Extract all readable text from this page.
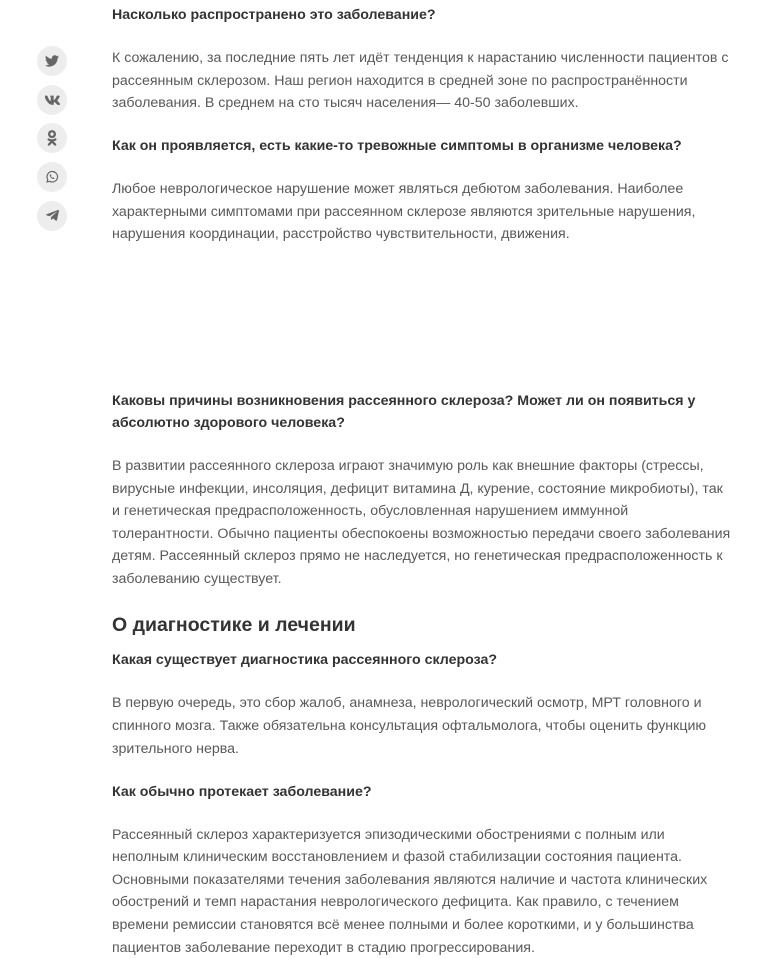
Насколько распространено это заболевание?

К сожалению, за последние пять лет идёт тенденция к нарастанию численности пациентов с рассеянным склерозом. Наш регион находится в средней зоне по распространённости заболевания. В среднем на сто тысяч населения— 40-50 заболевших.

Как он проявляется, есть какие-то тревожные симптомы в организме человека?

Любое неврологическое нарушение может являться дебютом заболевания. Наиболее характерными симптомами при рассеянном склерозе являются зрительные нарушения, нарушения координации, расстройство чувствительности, движения.

Каковы причины возникновения рассеянного склероза? Может ли он появиться у абсолютно здорового человека?

В развитии рассеянного склероза играют значимую роль как внешние факторы (стрессы, вирусные инфекции, инсоляция, дефицит витамина Д, курение, состояние микробиоты), так и генетическая предрасположенность, обусловленная нарушением иммунной толерантности. Обычно пациенты обеспокоены возможностью передачи своего заболевания детям. Рассеянный склероз прямо не наследуется, но генетическая предрасположенность к заболеванию существует.

О диагностике и лечении

Какая существует диагностика рассеянного склероза?

В первую очередь, это сбор жалоб, анамнеза, неврологический осмотр, МРТ головного и спинного мозга. Также обязательна консультация офтальмолога, чтобы оценить функцию зрительного нерва.

Как обычно протекает заболевание?

Рассеянный склероз характеризуется эпизодическими обострениями с полным или неполным клиническим восстановлением и фазой стабилизации состояния пациента. Основными показателями течения заболевания являются наличие и частота клинических обострений и темп нарастания неврологического дефицита. Как правило, с течением времени ремиссии становятся всё менее полными и более короткими, и у большинства пациентов заболевание переходит в стадию прогрессирования.
